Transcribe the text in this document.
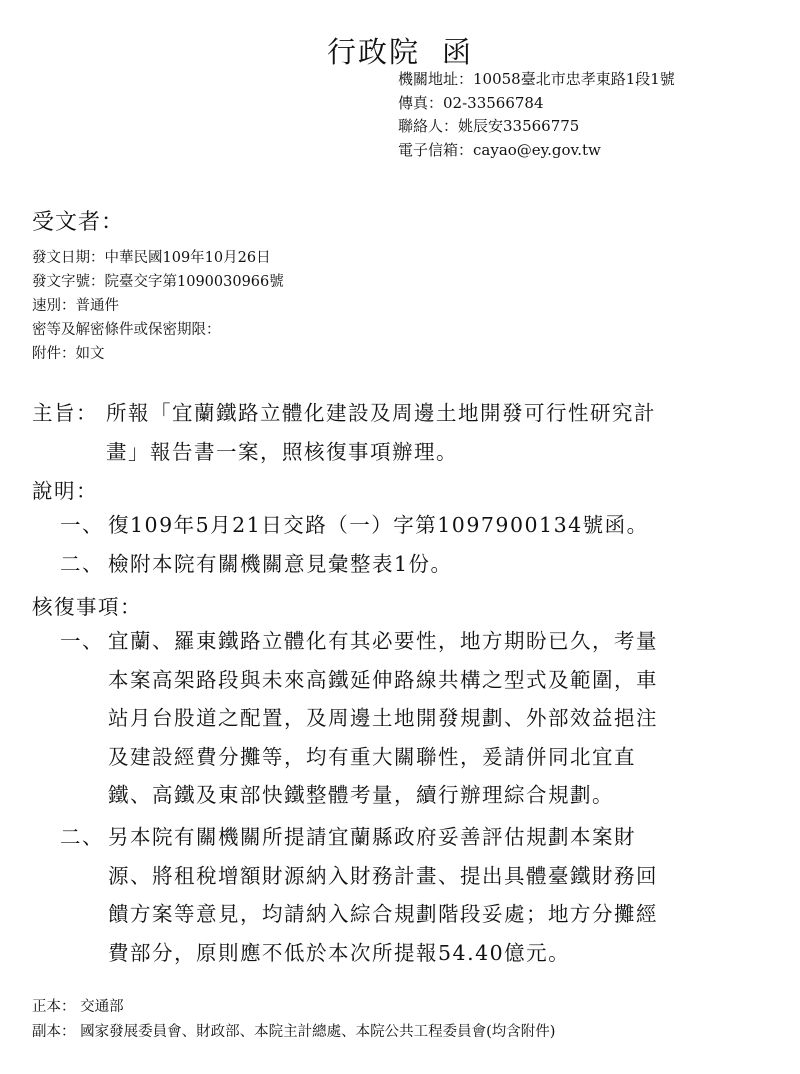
行政院 函
機關地址：10058臺北市忠孝東路1段1號
傳真：02-33566784
聯絡人：姚辰安33566775
電子信箱：cayao@ey.gov.tw
受文者：
發文日期：中華民國109年10月26日
發文字號：院臺交字第1090030966號
速別：普通件
密等及解密條件或保密期限：
附件：如文
主旨： 所報「宜蘭鐵路立體化建設及周邊土地開發可行性研究計
畫」報告書一案，照核復事項辦理。
說明：
一、 復109年5月21日交路（一）字第1097900134號函。
二、 檢附本院有關機關意見彙整表1份。
核復事項：
一、 宜蘭、羅東鐵路立體化有其必要性，地方期盼已久，考量
本案高架路段與未來高鐵延伸路線共構之型式及範圍，車
站月台股道之配置，及周邊土地開發規劃、外部效益挹注
及建設經費分攤等，均有重大關聯性，爰請併同北宜直
鐵、高鐵及東部快鐵整體考量，續行辦理綜合規劃。
二、 另本院有關機關所提請宜蘭縣政府妥善評估規劃本案財
源、將租稅增額財源納入財務計畫、提出具體臺鐵財務回
饋方案等意見，均請納入綜合規劃階段妥處；地方分攤經
費部分，原則應不低於本次所提報54.40億元。
正本： 交通部
副本： 國家發展委員會、財政部、本院主計總處、本院公共工程委員會(均含附件)
